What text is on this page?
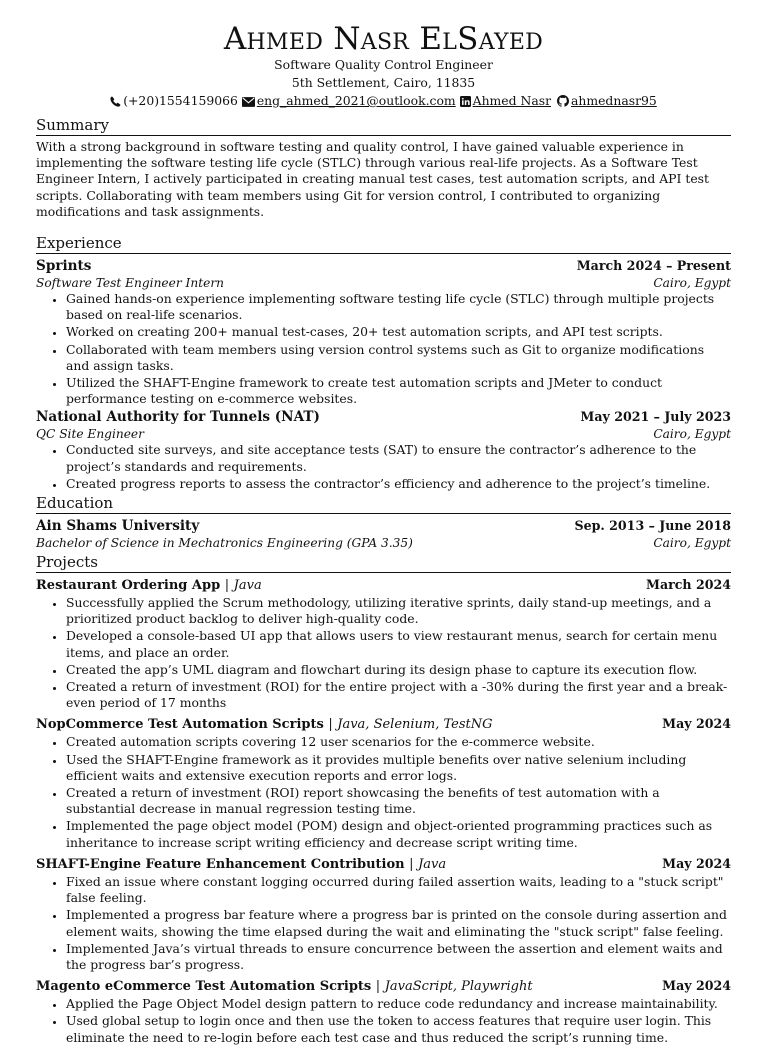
Ahmed Nasr ElSayed
Software Quality Control Engineer
5th Settlement, Cairo, 11835
(+20)1554159066 eng_ahmed_2021@outlook.com Ahmed Nasr ahmednasr95
Summary
With a strong background in software testing and quality control, I have gained valuable experience in implementing the software testing life cycle (STLC) through various real-life projects. As a Software Test Engineer Intern, I actively participated in creating manual test cases, test automation scripts, and API test scripts. Collaborating with team members using Git for version control, I contributed to organizing modifications and task assignments.
Experience
Sprints	March 2024 – Present
Software Test Engineer Intern	Cairo, Egypt
• Gained hands-on experience implementing software testing life cycle (STLC) through multiple projects based on real-life scenarios.
• Worked on creating 200+ manual test-cases, 20+ test automation scripts, and API test scripts.
• Collaborated with team members using version control systems such as Git to organize modifications and assign tasks.
• Utilized the SHAFT-Engine framework to create test automation scripts and JMeter to conduct performance testing on e-commerce websites.
National Authority for Tunnels (NAT)	May 2021 – July 2023
QC Site Engineer	Cairo, Egypt
• Conducted site surveys, and site acceptance tests (SAT) to ensure the contractor’s adherence to the project’s standards and requirements.
• Created progress reports to assess the contractor’s efficiency and adherence to the project’s timeline.
Education
Ain Shams University	Sep. 2013 – June 2018
Bachelor of Science in Mechatronics Engineering (GPA 3.35)	Cairo, Egypt
Projects
Restaurant Ordering App | Java	March 2024
• Successfully applied the Scrum methodology, utilizing iterative sprints, daily stand-up meetings, and a prioritized product backlog to deliver high-quality code.
• Developed a console-based UI app that allows users to view restaurant menus, search for certain menu items, and place an order.
• Created the app’s UML diagram and flowchart during its design phase to capture its execution flow.
• Created a return of investment (ROI) for the entire project with a -30% during the first year and a break-even period of 17 months
NopCommerce Test Automation Scripts | Java, Selenium, TestNG	May 2024
• Created automation scripts covering 12 user scenarios for the e-commerce website.
• Used the SHAFT-Engine framework as it provides multiple benefits over native selenium including efficient waits and extensive execution reports and error logs.
• Created a return of investment (ROI) report showcasing the benefits of test automation with a substantial decrease in manual regression testing time.
• Implemented the page object model (POM) design and object-oriented programming practices such as inheritance to increase script writing efficiency and decrease script writing time.
SHAFT-Engine Feature Enhancement Contribution | Java	May 2024
• Fixed an issue where constant logging occurred during failed assertion waits, leading to a "stuck script" false feeling.
• Implemented a progress bar feature where a progress bar is printed on the console during assertion and element waits, showing the time elapsed during the wait and eliminating the "stuck script" false feeling.
• Implemented Java’s virtual threads to ensure concurrence between the assertion and element waits and the progress bar’s progress.
Magento eCommerce Test Automation Scripts | JavaScript, Playwright	May 2024
• Applied the Page Object Model design pattern to reduce code redundancy and increase maintainability.
• Used global setup to login once and then use the token to access features that require user login. This eliminate the need to re-login before each test case and thus reduced the script’s running time.
